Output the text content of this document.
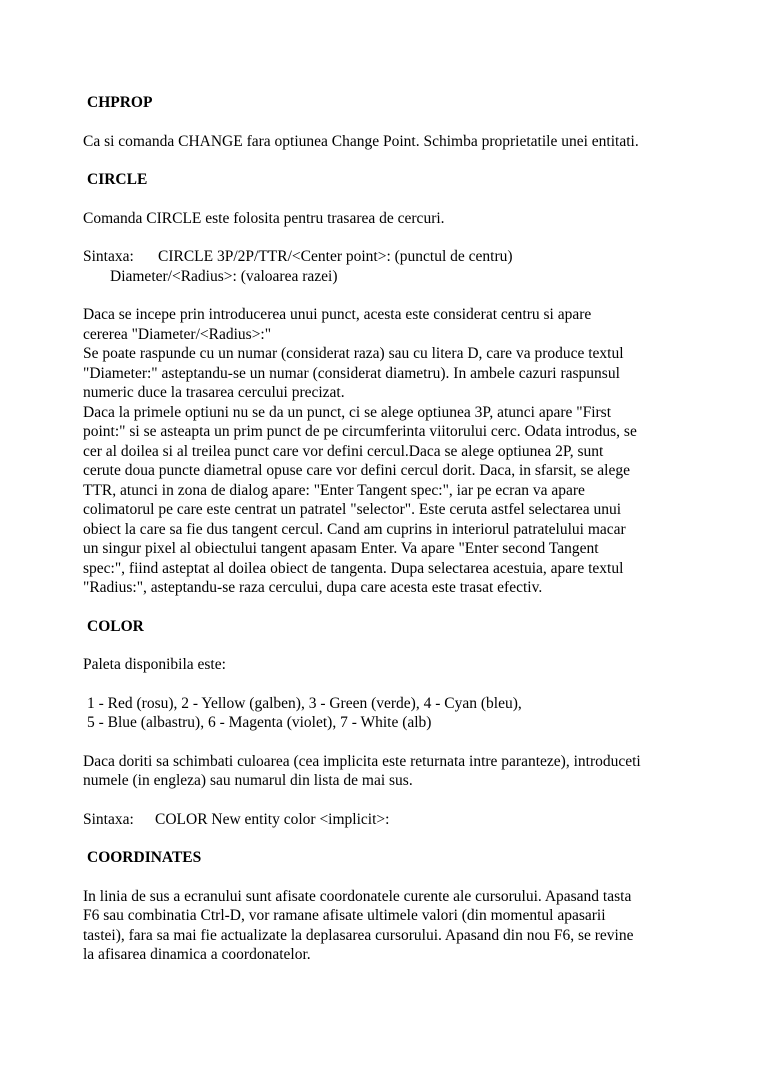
CHPROP

Ca si comanda CHANGE fara optiunea Change Point. Schimba proprietatile unei entitati.

CIRCLE

Comanda CIRCLE este folosita pentru trasarea de cercuri.

Sintaxa: CIRCLE 3P/2P/TTR/<Center point>: (punctul de centru)
Diameter/<Radius>: (valoarea razei)

Daca se incepe prin introducerea unui punct, acesta este considerat centru si apare
cererea "Diameter/<Radius>:"
Se poate raspunde cu un numar (considerat raza) sau cu litera D, care va produce textul
"Diameter:" asteptandu-se un numar (considerat diametru). In ambele cazuri raspunsul
numeric duce la trasarea cercului precizat.
Daca la primele optiuni nu se da un punct, ci se alege optiunea 3P, atunci apare "First
point:" si se asteapta un prim punct de pe circumferinta viitorului cerc. Odata introdus, se
cer al doilea si al treilea punct care vor defini cercul.Daca se alege optiunea 2P, sunt
cerute doua puncte diametral opuse care vor defini cercul dorit. Daca, in sfarsit, se alege
TTR, atunci in zona de dialog apare: "Enter Tangent spec:", iar pe ecran va apare
colimatorul pe care este centrat un patratel "selector". Este ceruta astfel selectarea unui
obiect la care sa fie dus tangent cercul. Cand am cuprins in interiorul patratelului macar
un singur pixel al obiectului tangent apasam Enter. Va apare "Enter second Tangent
spec:", fiind asteptat al doilea obiect de tangenta. Dupa selectarea acestuia, apare textul
"Radius:", asteptandu-se raza cercului, dupa care acesta este trasat efectiv.

COLOR

Paleta disponibila este:

1 - Red (rosu), 2 - Yellow (galben), 3 - Green (verde), 4 - Cyan (bleu),
5 - Blue (albastru), 6 - Magenta (violet), 7 - White (alb)

Daca doriti sa schimbati culoarea (cea implicita este returnata intre paranteze), introduceti
numele (in engleza) sau numarul din lista de mai sus.

Sintaxa: COLOR New entity color <implicit>:

COORDINATES

In linia de sus a ecranului sunt afisate coordonatele curente ale cursorului. Apasand tasta
F6 sau combinatia Ctrl-D, vor ramane afisate ultimele valori (din momentul apasarii
tastei), fara sa mai fie actualizate la deplasarea cursorului. Apasand din nou F6, se revine
la afisarea dinamica a coordonatelor.
